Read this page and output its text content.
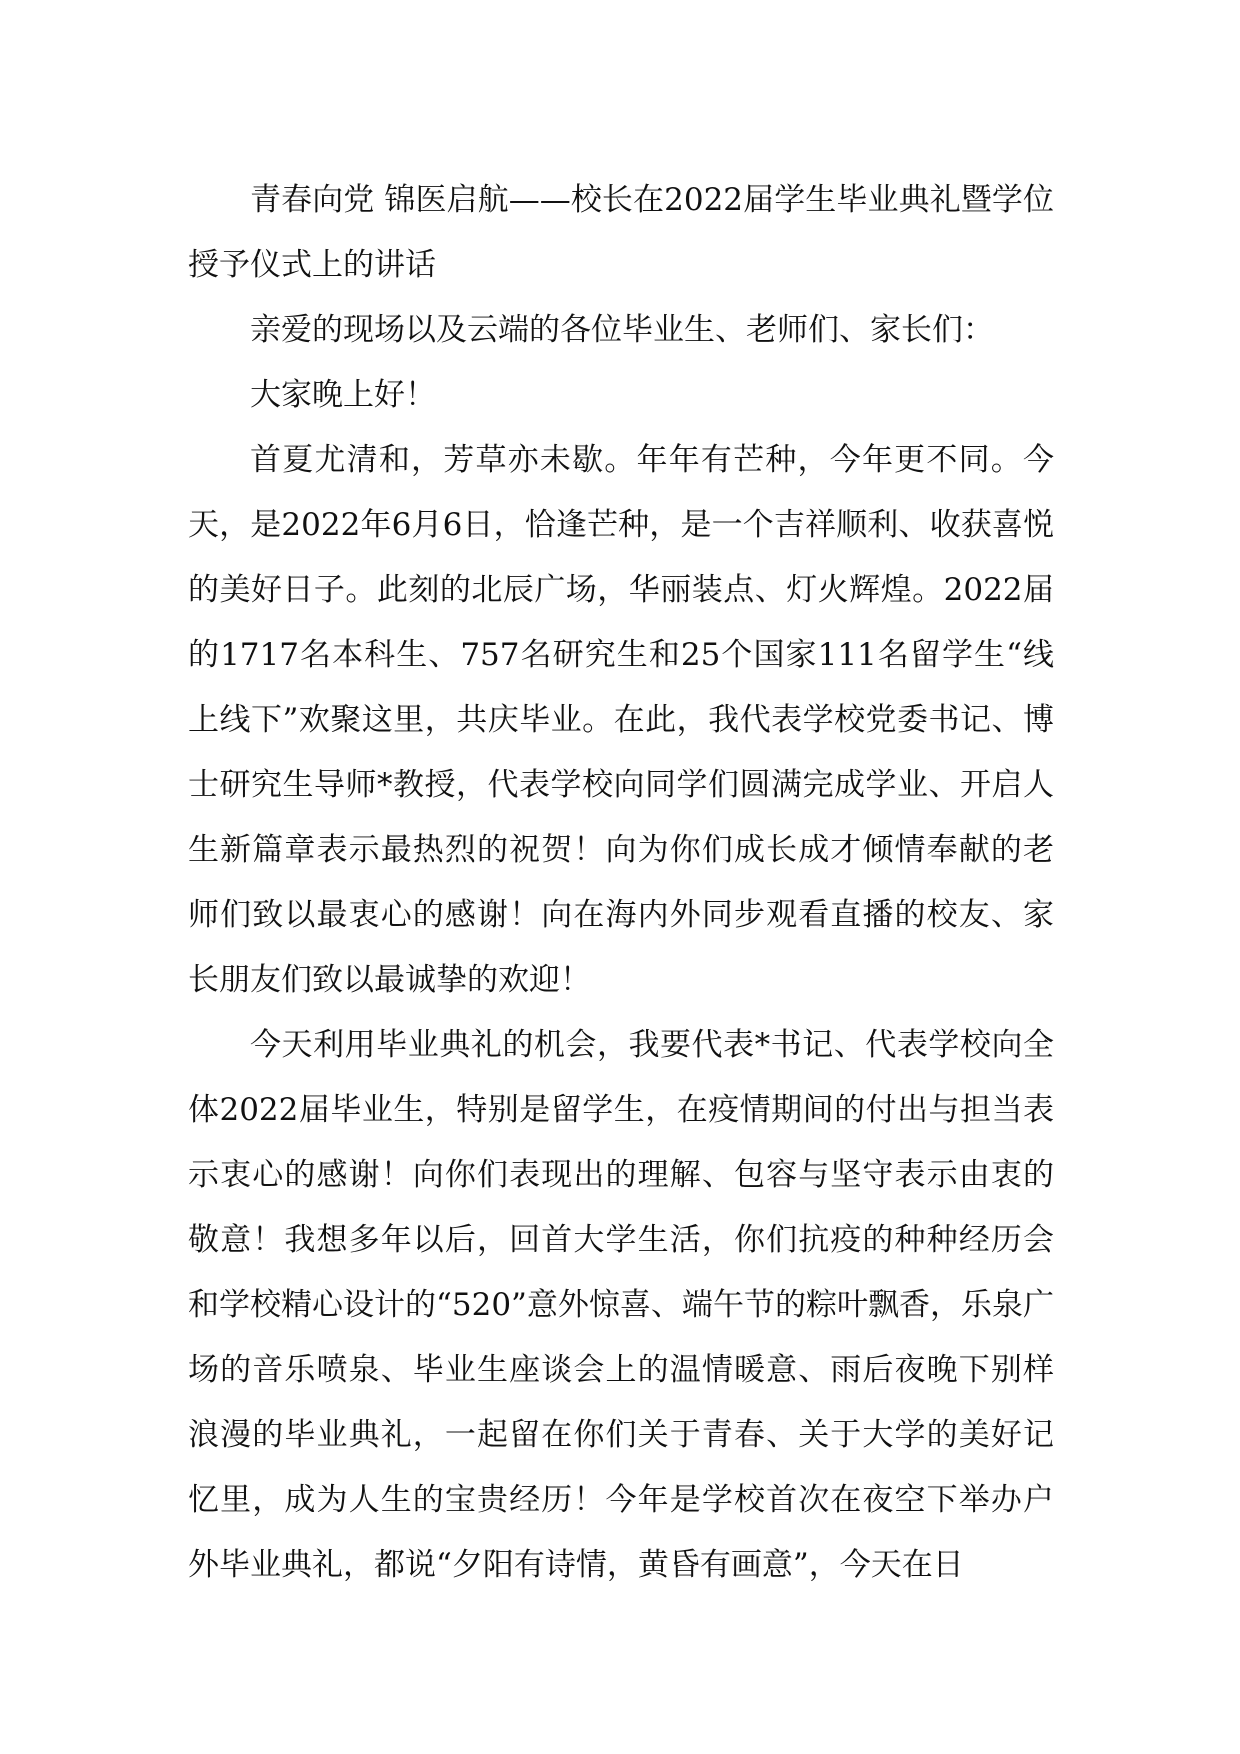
青春向党 锦医启航——校长在2022届学生毕业典礼暨学位授予仪式上的讲话

亲爱的现场以及云端的各位毕业生、老师们、家长们：

大家晚上好！

首夏尤清和，芳草亦未歇。年年有芒种，今年更不同。今天，是2022年6月6日，恰逢芒种，是一个吉祥顺利、收获喜悦的美好日子。此刻的北辰广场，华丽装点、灯火辉煌。2022届的1717名本科生、757名研究生和25个国家111名留学生“线上线下”欢聚这里，共庆毕业。在此，我代表学校党委书记、博士研究生导师*教授，代表学校向同学们圆满完成学业、开启人生新篇章表示最热烈的祝贺！向为你们成长成才倾情奉献的老师们致以最衷心的感谢！向在海内外同步观看直播的校友、家长朋友们致以最诚挚的欢迎！

今天利用毕业典礼的机会，我要代表*书记、代表学校向全体2022届毕业生，特别是留学生，在疫情期间的付出与担当表示衷心的感谢！向你们表现出的理解、包容与坚守表示由衷的敬意！我想多年以后，回首大学生活，你们抗疫的种种经历会和学校精心设计的“520”意外惊喜、端午节的粽叶飘香，乐泉广场的音乐喷泉、毕业生座谈会上的温情暖意、雨后夜晚下别样浪漫的毕业典礼，一起留在你们关于青春、关于大学的美好记忆里，成为人生的宝贵经历！今年是学校首次在夜空下举办户外毕业典礼，都说“夕阳有诗情，黄昏有画意”，今天在日
